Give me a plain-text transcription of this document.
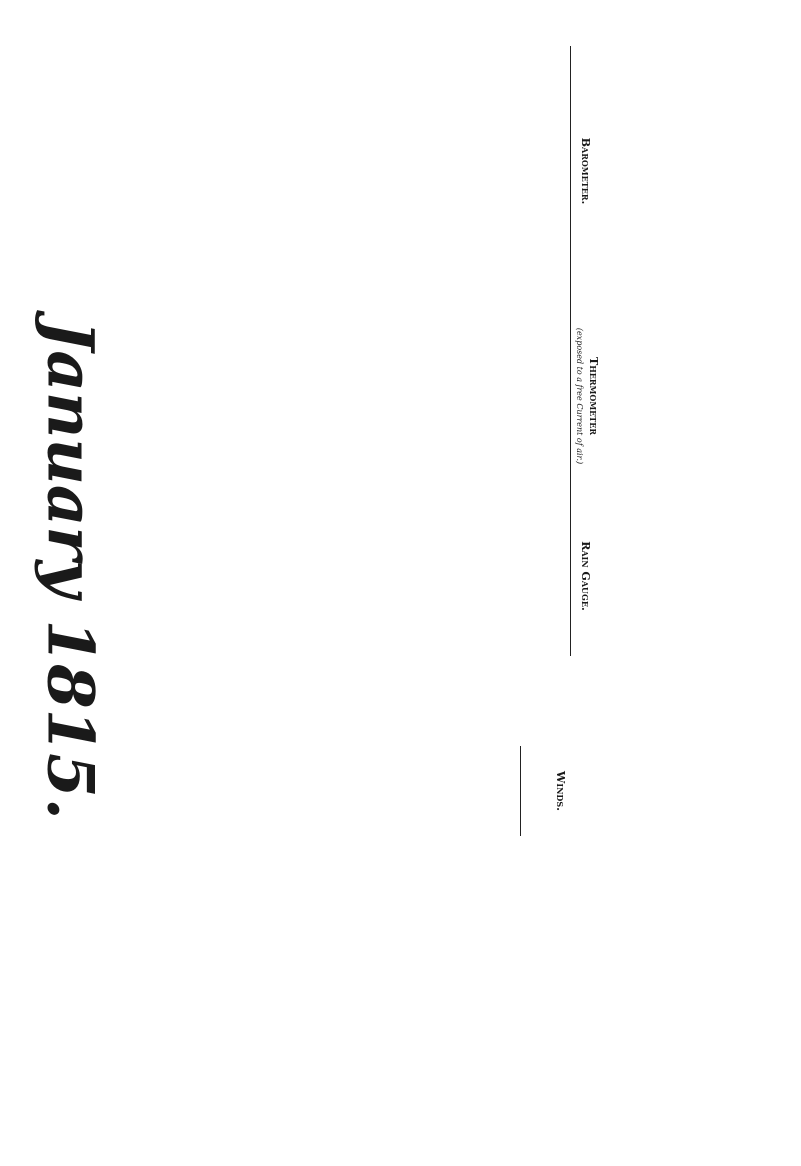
January 1815.
Barometer.
Thermometer
(exposed to a free Current of air.)
Rain Gauge.
Winds.
